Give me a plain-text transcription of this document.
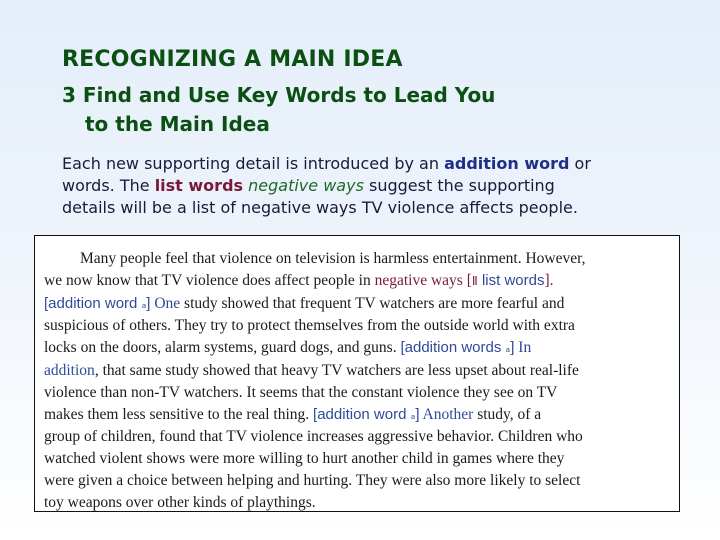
RECOGNIZING A MAIN IDEA
3 Find and Use Key Words to Lead You
to the Main Idea
Each new supporting detail is introduced by an addition word or
words. The list words negative ways suggest the supporting
details will be a list of negative ways TV violence affects people.
Many people feel that violence on television is harmless entertainment. However,
we now know that TV violence does affect people in negative ways [Ⅱ list words].
[addition word ₐ] One study showed that frequent TV watchers are more fearful and
suspicious of others. They try to protect themselves from the outside world with extra
locks on the doors, alarm systems, guard dogs, and guns. [addition words ₐ] In
addition, that same study showed that heavy TV watchers are less upset about real-life
violence than non-TV watchers. It seems that the constant violence they see on TV
makes them less sensitive to the real thing. [addition word ₐ] Another study, of a
group of children, found that TV violence increases aggressive behavior. Children who
watched violent shows were more willing to hurt another child in games where they
were given a choice between helping and hurting. They were also more likely to select
toy weapons over other kinds of playthings.
